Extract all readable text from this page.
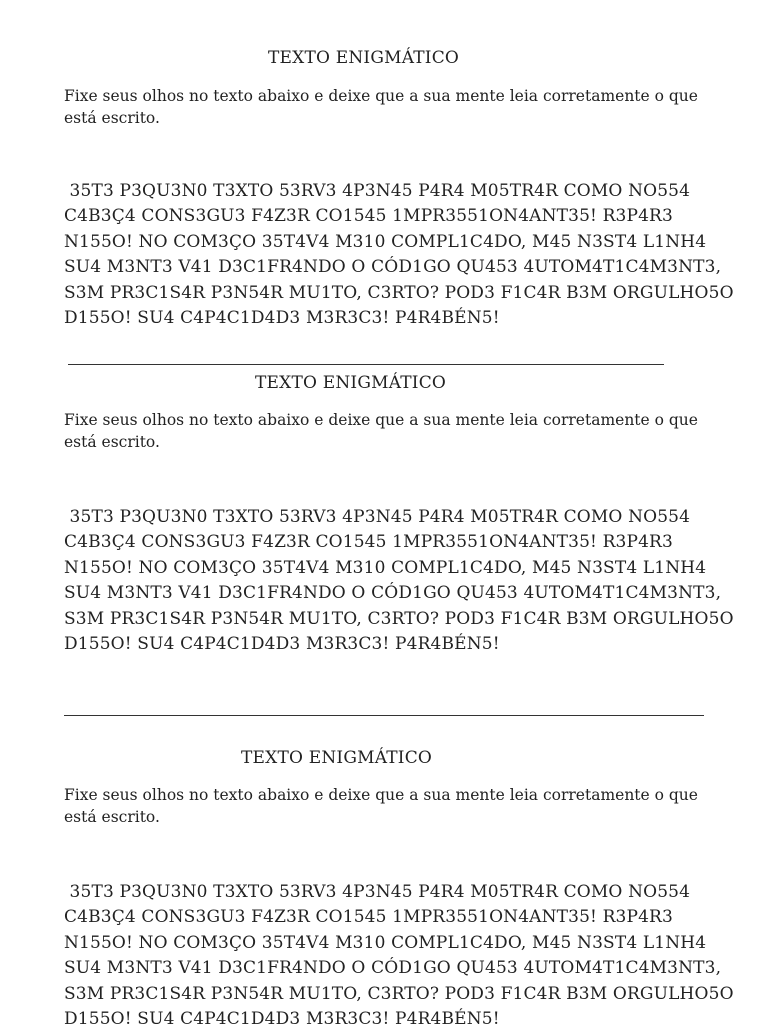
TEXTO ENIGMÁTICO
Fixe seus olhos no texto abaixo e deixe que a sua mente leia corretamente o que está escrito.
35T3 P3QU3N0 T3XTO 53RV3 4P3N45 P4R4 M05TR4R COMO NO554
C4B3Ç4 CONS3GU3 F4Z3R CO1545 1MPR3551ON4ANT35! R3P4R3
N155O! NO COM3ÇO 35T4V4 M310 COMPL1C4DO, M45 N3ST4 L1NH4
SU4 M3NT3 V41 D3C1FR4NDO O CÓD1GO QU453 4UTOM4T1C4M3NT3,
S3M PR3C1S4R P3N54R MU1TO, C3RTO? POD3 F1C4R B3M ORGULHO5O
D155O! SU4 C4P4C1D4D3 M3R3C3! P4R4BÉN5!
TEXTO ENIGMÁTICO
Fixe seus olhos no texto abaixo e deixe que a sua mente leia corretamente o que está escrito.
35T3 P3QU3N0 T3XTO 53RV3 4P3N45 P4R4 M05TR4R COMO NO554
C4B3Ç4 CONS3GU3 F4Z3R CO1545 1MPR3551ON4ANT35! R3P4R3
N155O! NO COM3ÇO 35T4V4 M310 COMPL1C4DO, M45 N3ST4 L1NH4
SU4 M3NT3 V41 D3C1FR4NDO O CÓD1GO QU453 4UTOM4T1C4M3NT3,
S3M PR3C1S4R P3N54R MU1TO, C3RTO? POD3 F1C4R B3M ORGULHO5O
D155O! SU4 C4P4C1D4D3 M3R3C3! P4R4BÉN5!
TEXTO ENIGMÁTICO
Fixe seus olhos no texto abaixo e deixe que a sua mente leia corretamente o que está escrito.
35T3 P3QU3N0 T3XTO 53RV3 4P3N45 P4R4 M05TR4R COMO NO554
C4B3Ç4 CONS3GU3 F4Z3R CO1545 1MPR3551ON4ANT35! R3P4R3
N155O! NO COM3ÇO 35T4V4 M310 COMPL1C4DO, M45 N3ST4 L1NH4
SU4 M3NT3 V41 D3C1FR4NDO O CÓD1GO QU453 4UTOM4T1C4M3NT3,
S3M PR3C1S4R P3N54R MU1TO, C3RTO? POD3 F1C4R B3M ORGULHO5O
D155O! SU4 C4P4C1D4D3 M3R3C3! P4R4BÉN5!
